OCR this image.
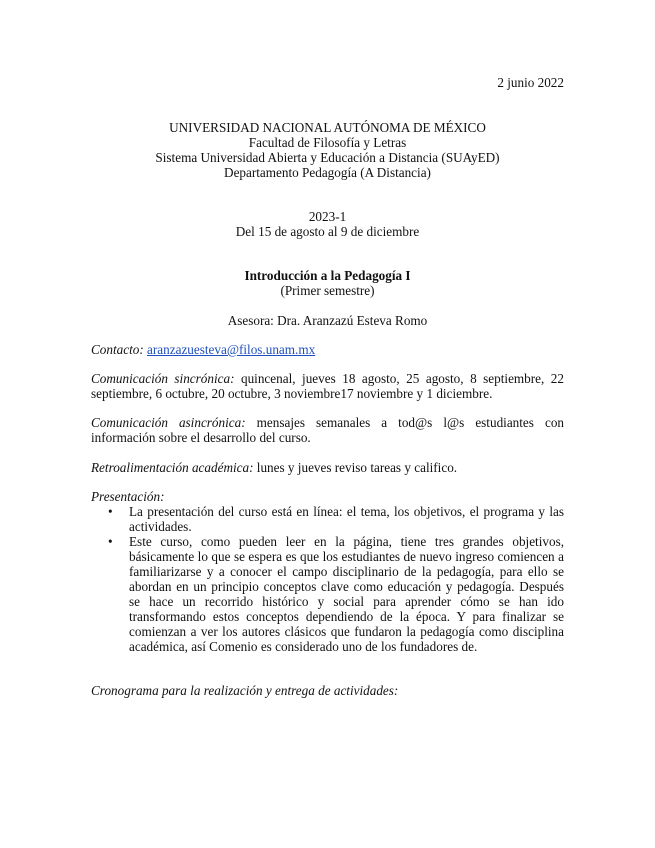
2 junio 2022
UNIVERSIDAD NACIONAL AUTÓNOMA DE MÉXICO
Facultad de Filosofía y Letras
Sistema Universidad Abierta y Educación a Distancia (SUAyED)
Departamento Pedagogía (A Distancia)
2023-1
Del 15 de agosto al 9 de diciembre
Introducción a la Pedagogía I
(Primer semestre)
Asesora: Dra. Aranzazú Esteva Romo
Contacto: aranzazuesteva@filos.unam.mx
Comunicación sincrónica: quincenal, jueves 18 agosto, 25 agosto, 8 septiembre, 22 septiembre, 6 octubre, 20 octubre, 3 noviembre17 noviembre y 1 diciembre.
Comunicación asincrónica: mensajes semanales a tod@s l@s estudiantes con información sobre el desarrollo del curso.
Retroalimentación académica: lunes y jueves reviso tareas y califico.
Presentación:
• La presentación del curso está en línea: el tema, los objetivos, el programa y las actividades.
• Este curso, como pueden leer en la página, tiene tres grandes objetivos, básicamente lo que se espera es que los estudiantes de nuevo ingreso comiencen a familiarizarse y a conocer el campo disciplinario de la pedagogía, para ello se abordan en un principio conceptos clave como educación y pedagogía. Después se hace un recorrido histórico y social para aprender cómo se han ido transformando estos conceptos dependiendo de la época. Y para finalizar se comienzan a ver los autores clásicos que fundaron la pedagogía como disciplina académica, así Comenio es considerado uno de los fundadores de.
Cronograma para la realización y entrega de actividades:
